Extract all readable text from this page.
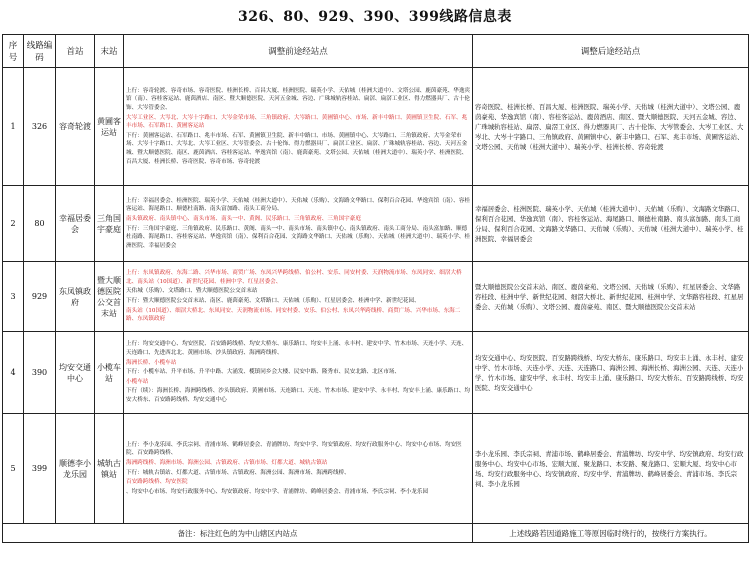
326、80、929、390、399线路信息表
序号	线路编码	首站	末站	调整前途经站点	调整后途经站点
1	326	容奇轮渡	黄圃客运站	上行：容奇轮渡、容奇市场、容奇医院、桂洲长桥、百昌大厦、桂洲医院、瑞英小学、天佑城（桂洲大道中）、文塔公园、鹿茵豪苑、华逸宾馆（南）、容桂客运站、鹿茵酒店、南区、暨大顺德医院、天河五金城、容边、广珠城轨容桂站、扁滘、扁滘工业区、得力燃器具厂、古十伦饰、大岑管委会、
大岑工业区、大岑北、大岑十字路口、大岑金荣市场、三角镇政府、大岑路口、黄圃镇中心、市场、新丰中路口、黄圃镇卫生院、石军、兆丰市场、石军路口、黄圃客运站
下行：黄圃客运站、石军路口、兆丰市场、石军、黄圃镇卫生院、新丰中路口、市场、黄圃镇中心、大岑路口、三角镇政府、大岑金荣市场、大岑十字路口、大岑北、大岑工业区、大岑管委会、古十伦饰、得力燃器具厂、扁滘工业区、扁滘、广珠城轨容桂站、容边、天河五金城、暨大顺德医院、南区、鹿茵酒店、容桂客运站、华逸宾馆（南）、鹿茵豪苑、文塔公园、天佑城（桂洲大道中）、瑞英小学、桂洲医院、百昌大厦、桂洲长桥、容奇医院、容奇市场、容奇轮渡	容奇医院、桂洲长桥、百昌大厦、桂洲医院、瑞英小学、天佑城（桂洲大道中）、文塔公园、鹿茵豪苑、华逸宾馆（南）、容桂客运站、鹿茵酒店、南区、暨大顺德医院、天河五金城、容边、广珠城轨容桂站、扁滘、扁滘工业区、得力燃器具厂、古十伦饰、大岑管委会、大岑工业区、大岑北、大岑十字路口、三角镇政府、黄圃镇中心、新丰中路口、石军、兆丰市场、黄圃客运站、文塔公园、天佑城（桂洲大道中）、瑞英小学、桂洲长桥、容奇轮渡
2	80	幸福居委会	三角国宇豪庭	上行：幸福居委会、桂洲医院、瑞英小学、天佑城（桂洲大道中）、天佑城（乐购）、文海路文华路口、保利百合花园、华逸宾馆（南）、容桂客运站、海尾路口、顺德杜南路、南头富加路、南头工商分局、
南头镇政府、南头镇中心、南头市场、南头一中、黄阁、民乐路口、三角镇政府、三角国宇豪庭
下行：三角国宇豪庭、三角镇政府、民乐路口、黄阁、南头一中、南头市场、南头镇中心、南头镇政府、南头工商分局、南头富加路、顺德杜南路、海尾路口、容桂客运站、华逸宾馆（南）、保利百合花园、文海路文华路口、天佑城（乐购）、天佑城（桂洲大道中）、瑞英小学、桂洲医院、幸福居委会	幸福居委会、桂洲医院、瑞英小学、天佑城（桂洲大道中）、天佑城（乐购）、文海路文华路口、保利百合花园、华逸宾馆（南）、容桂客运站、海尾路口、顺德杜南路、南头富加路、南头工商分局、保利百合花园、文海路文华路口、天佑城（乐购）、天佑城（桂洲大道中）、瑞英小学、桂洲医院、幸福居委会
3	929	东凤镇政府	暨大顺德医院公交首末站	上行：东凤镇政府、东海二路、兴华市场、商贸广场、东凤兴华跨线桥、伯公村、安乐、同安村委、天润物流市场、东凤同安、细滘大桥北、南头站（10国道）、新世纪花园、桂洲中学、红星居委会、
天佑城（乐购）、文塔路口、暨大顺德医院公交首末站
下行：暨大顺德医院公交首末站、南区、鹿茵豪苑、文塔路口、天佑城（乐购）、红星居委会、桂洲中学、新世纪花园、
南头站（10国道）、细滘大桥北、东凤同安、天润物流市场、同安村委、安乐、伯公村、东凤兴华跨线桥、商贸广场、兴华市场、东海二路、东凤镇政府	暨大顺德医院公交首末站、南区、鹿茵豪苑、文塔公园、天佑城（乐购）、红星居委会、文华路容桂段、桂洲中学、新世纪花园、细滘大桥北、新世纪花园、桂洲中学、文华路容桂段、红星居委会、天佑城（乐购）、文塔公园、鹿茵豪苑、南区、暨大顺德医院公交首末站
4	390	均安交通中心	小榄车站	上行：均安交通中心、均安医院、百安路跨线桥、均安大桥东、康乐路口、均安丰上涌、永丰村、建安中学、竹木市场、天连小学、天连、天连路口、先进西北北、黄圃市场、沙头镇政府、海洲跨线桥、
海洲长桥、小榄车站
下行：小榄车站、升平市场、升平中路、大涌发、榄镇同乡会大楼、民安中路、隆秀市、民安北路、北区市场、
小榄车站
下行（续）：海洲长桥、海洲跨线桥、沙头镇政府、黄圃市场、天连路口、天连、竹木市场、建安中学、永丰村、均安丰上涌、康乐路口、均安大桥东、百安路跨线桥、均安交通中心	均安交通中心、均安医院、百安路跨线桥、均安大桥东、康乐路口、均安丰上涌、永丰村、建安中学、竹木市场、天连小学、天连、天连路口、海洲公园、海洲长桥、海洲公园、天连、天连小学、竹木市场、建安中学、永丰村、均安丰上涌、康乐路口、均安大桥东、百安路跨线桥、均安医院、均安交通中心
5	399	顺德李小龙乐园	城轨古镇站	上行：李小龙乐园、李氏宗祠、青浦市场、鹤峰居委会、青浦牌坊、均安中学、均安镇政府、均安行政服务中心、均安中心市场、均安医院、百安路跨线桥、
海洲跨线桥、海洲市场、海洲公园、古镇政府、古镇市场、灯都大道、城轨古镇站
下行：城轨古镇站、灯都大道、古镇市场、古镇政府、海洲公园、海洲市场、海洲跨线桥、
百安路跨线桥、均安医院
、均安中心市场、均安行政服务中心、均安镇政府、均安中学、青浦牌坊、鹤峰居委会、青浦市场、李氏宗祠、李小龙乐园	李小龙乐园、李氏宗祠、青浦市场、鹤峰居委会、青浦牌坊、均安中学、均安镇政府、均安行政服务中心、均安中心市场、宏顺大厦、聚龙路口、本安路、聚龙路口、宏顺大厦、均安中心市场、均安行政服务中心、均安镇政府、均安中学、青浦牌坊、鹤峰居委会、青浦市场、李氏宗祠、李小龙乐园
备注：标注红色的为中山辖区内站点					上述线路若因道路施工等原因临时绕行的，按绕行方案执行。
